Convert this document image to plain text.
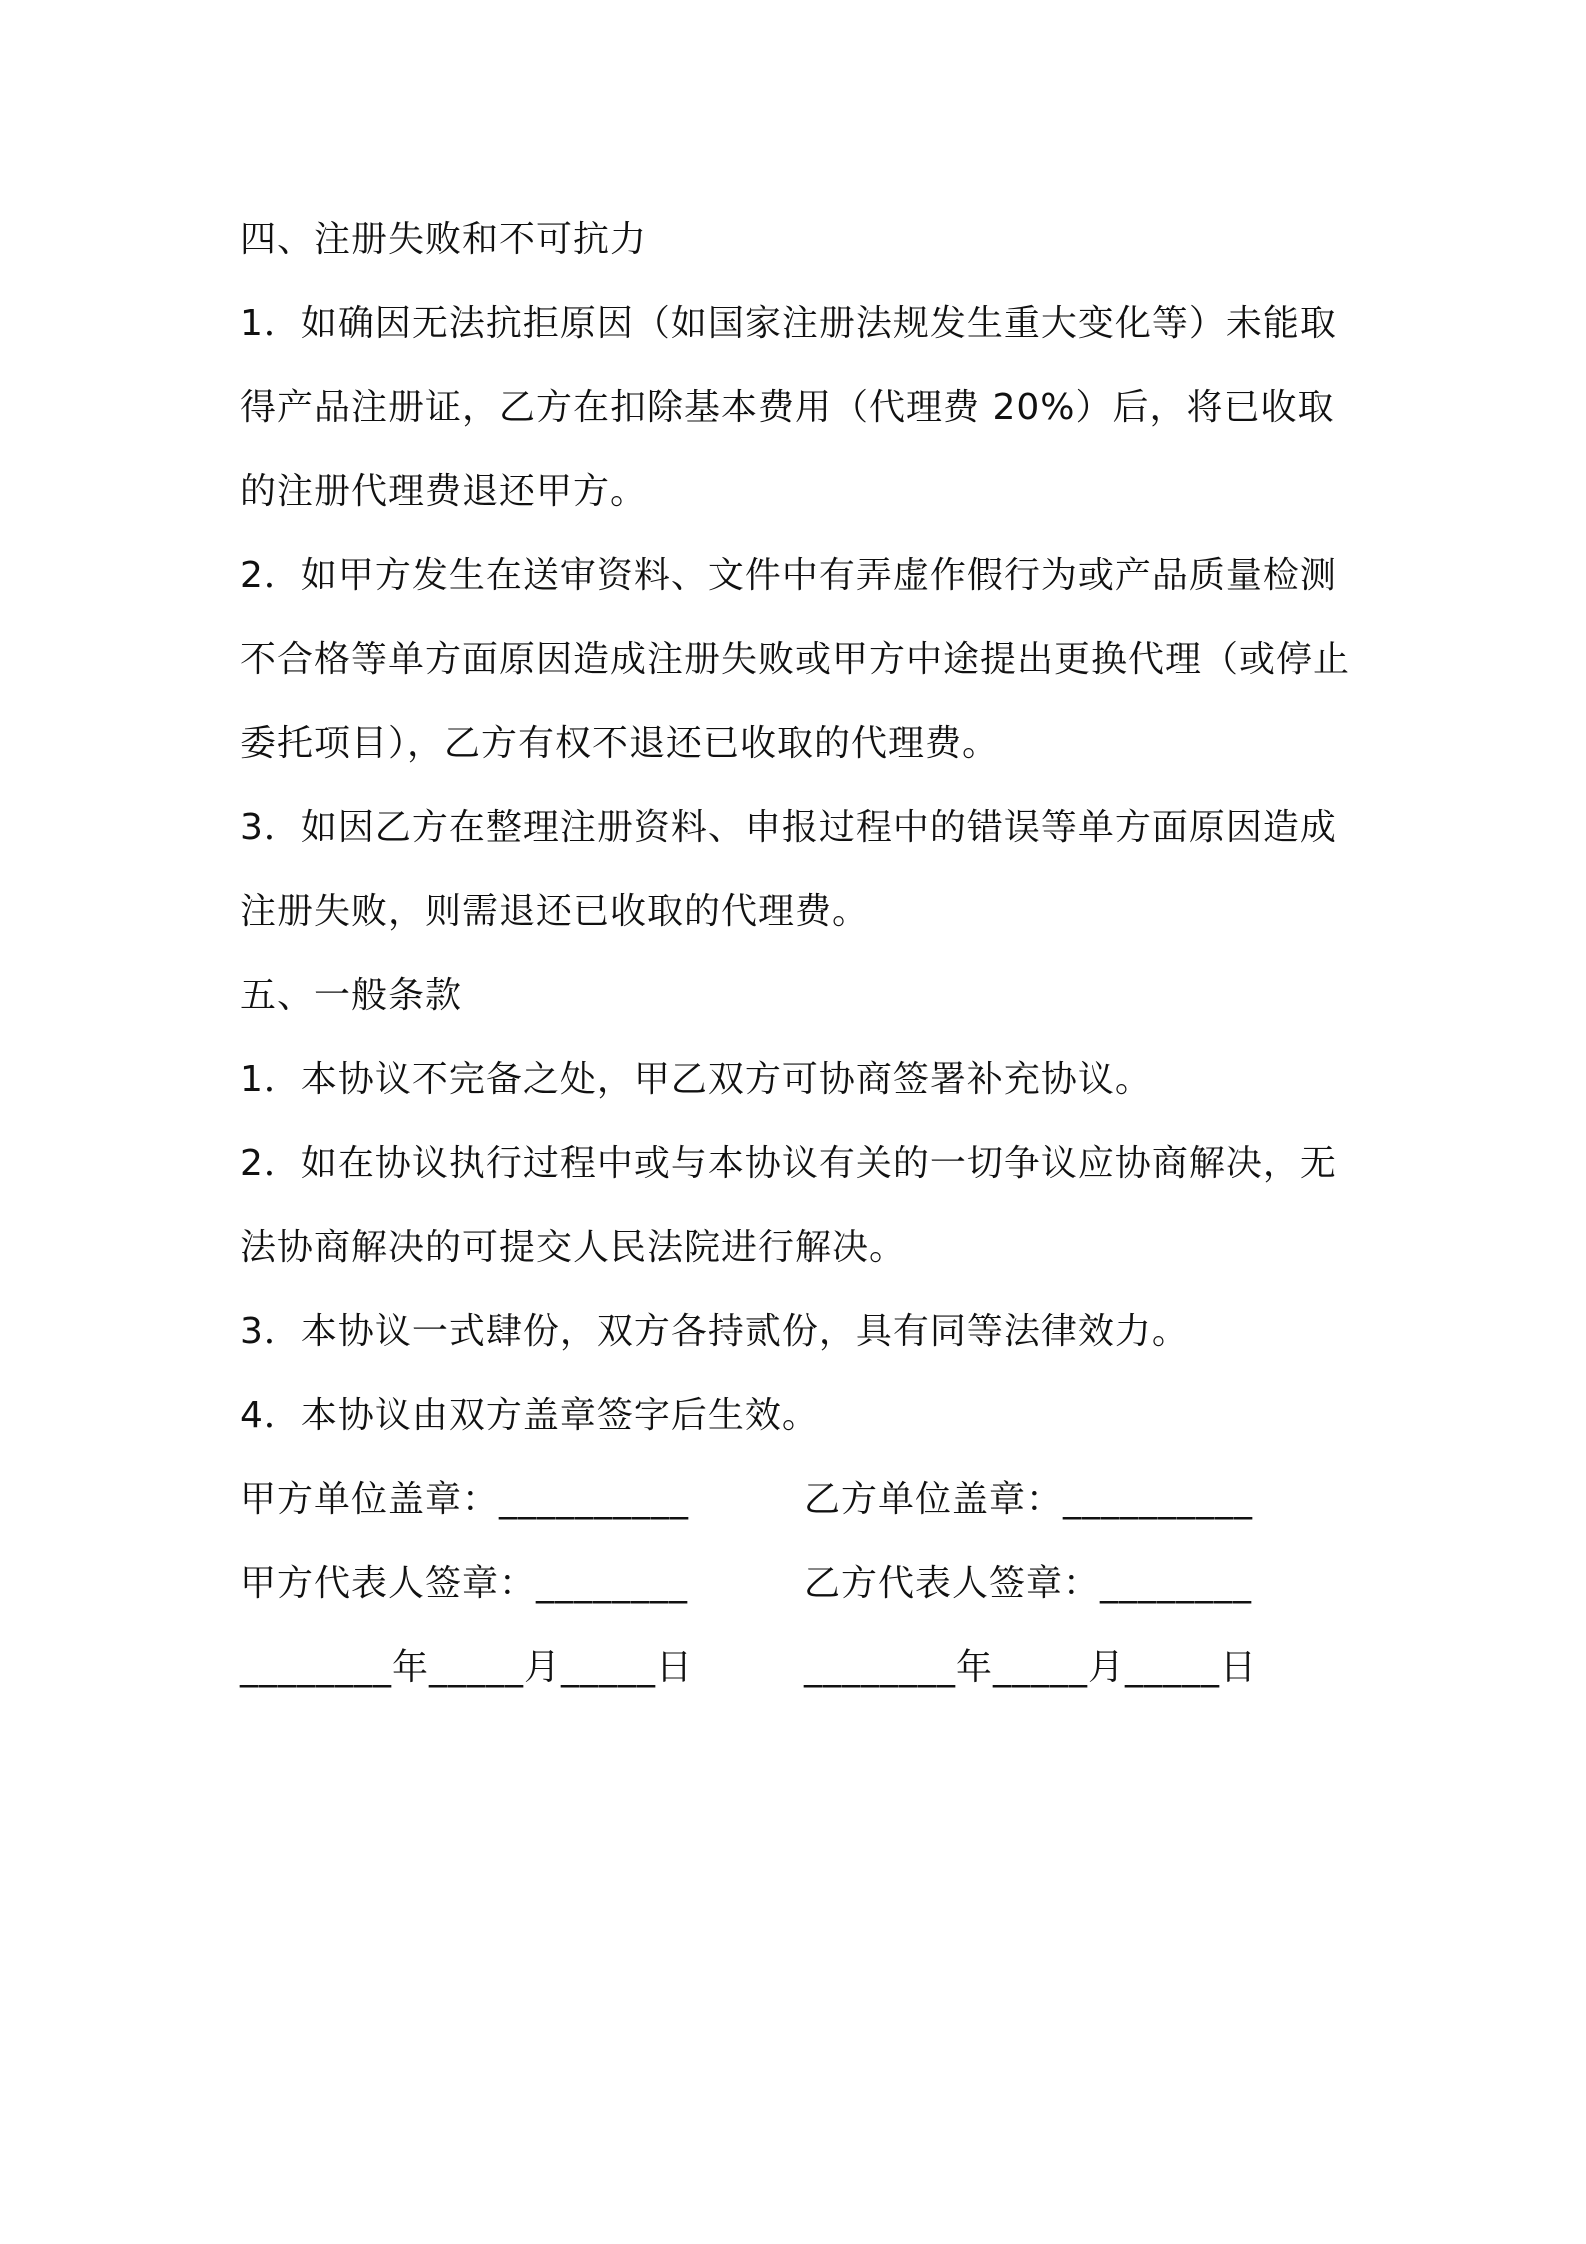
四、注册失败和不可抗力
1．如确因无法抗拒原因（如国家注册法规发生重大变化等）未能取
得产品注册证，乙方在扣除基本费用（代理费 20%）后，将已收取
的注册代理费退还甲方。
2．如甲方发生在送审资料、文件中有弄虚作假行为或产品质量检测
不合格等单方面原因造成注册失败或甲方中途提出更换代理（或停止
委托项目），乙方有权不退还已收取的代理费。
3．如因乙方在整理注册资料、申报过程中的错误等单方面原因造成
注册失败，则需退还已收取的代理费。
五、一般条款
1．本协议不完备之处，甲乙双方可协商签署补充协议。
2．如在协议执行过程中或与本协议有关的一切争议应协商解决，无
法协商解决的可提交人民法院进行解决。
3．本协议一式肆份，双方各持贰份，具有同等法律效力。
4．本协议由双方盖章签字后生效。
甲方单位盖章：__________	乙方单位盖章：__________
甲方代表人签章：________	乙方代表人签章：________
________年_____月_____日	________年_____月_____日
